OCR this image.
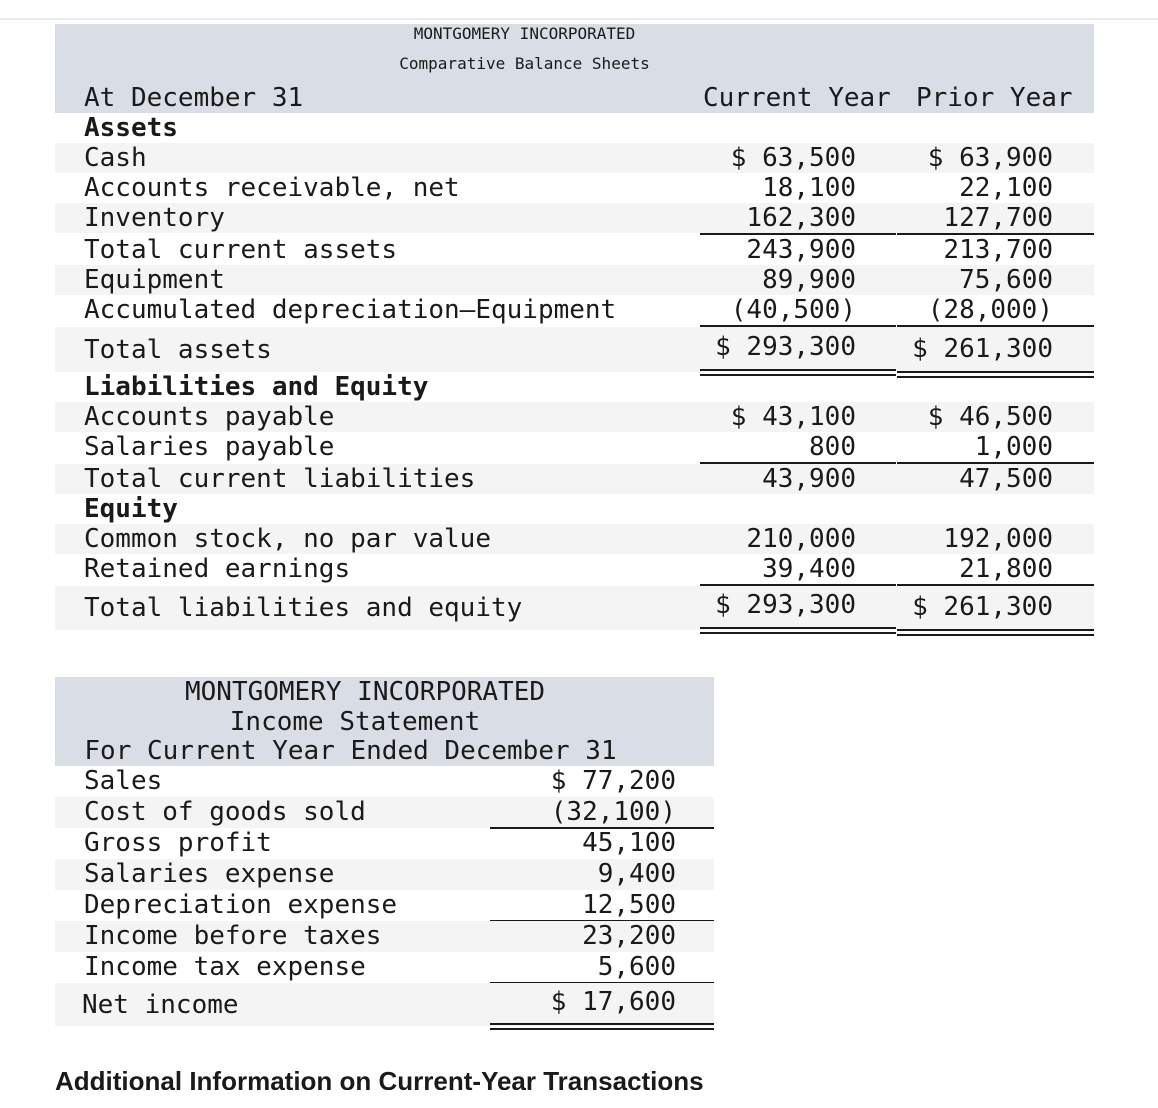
MONTGOMERY INCORPORATED
Comparative Balance Sheets
At December 31	Current Year Prior Year
Assets
Cash	$ 63,500	$ 63,900
Accounts receivable, net	18,100	22,100
Inventory	162,300	127,700
Total current assets	243,900	213,700
Equipment	89,900	75,600
Accumulated depreciation—Equipment	(40,500)	(28,000)
Total assets	$ 293,300	$ 261,300
Liabilities and Equity
Accounts payable	$ 43,100	$ 46,500
Salaries payable	800	1,000
Total current liabilities	43,900	47,500
Equity
Common stock, no par value	210,000	192,000
Retained earnings	39,400	21,800
Total liabilities and equity	$ 293,300	$ 261,300
MONTGOMERY INCORPORATED
Income Statement
For Current Year Ended December 31
Sales	$ 77,200
Cost of goods sold	(32,100)
Gross profit	45,100
Salaries expense	9,400
Depreciation expense	12,500
Income before taxes	23,200
Income tax expense	5,600
Net income	$ 17,600
Additional Information on Current-Year Transactions
